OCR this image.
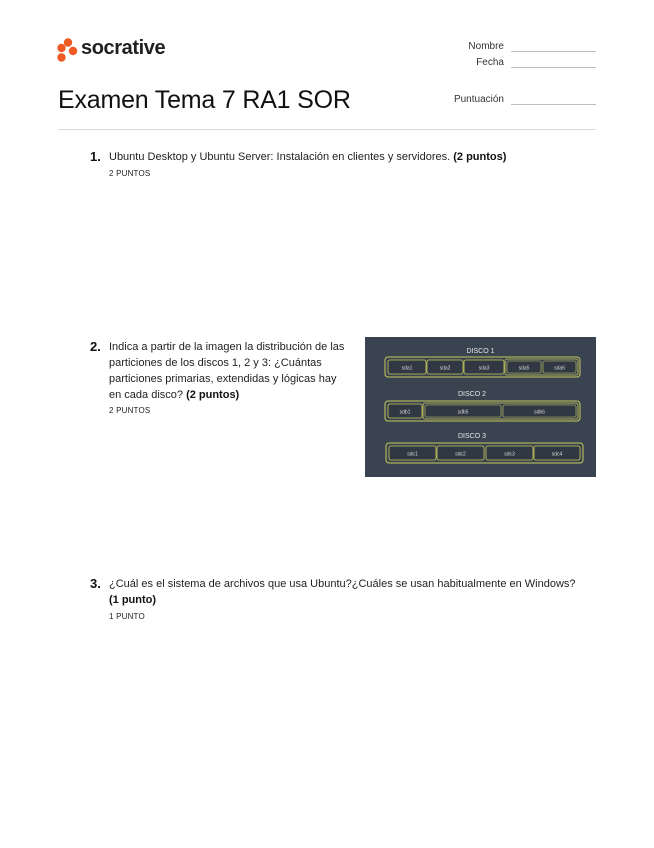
socrative
Examen Tema 7 RA1 SOR
Nombre
Fecha
Puntuación
1. Ubuntu Desktop y Ubuntu Server: Instalación en clientes y servidores. (2 puntos)
2 PUNTOS
2. Indica a partir de la imagen la distribución de las
particiones de los discos 1, 2 y 3: ¿Cuántas
particiones primarias, extendidas y lógicas hay
en cada disco? (2 puntos)
2 PUNTOS
DISCO 1
sda1	sda2	sda3	sda5	sda6
DISCO 2
sdb1	sdb5	sdb6
DISCO 3
sdc1	sdc2	sdc3	sdc4
3. ¿Cuál es el sistema de archivos que usa Ubuntu?¿Cuáles se usan habitualmente en Windows?
(1 punto)
1 PUNTO
